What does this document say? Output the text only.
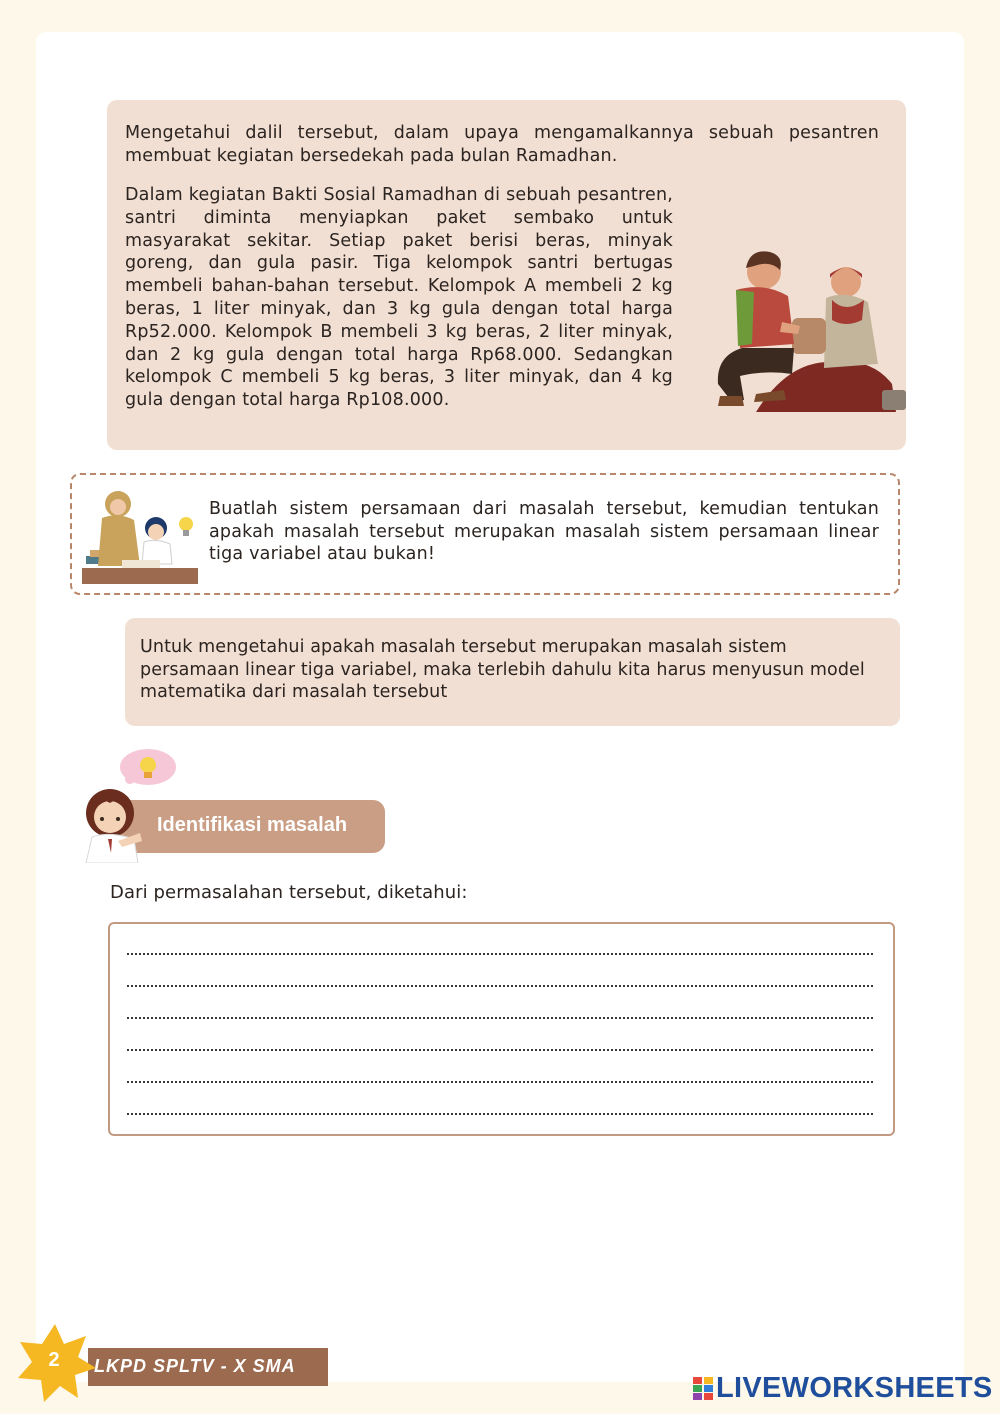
Mengetahui dalil tersebut, dalam upaya mengamalkannya sebuah pesantren membuat kegiatan bersedekah pada bulan Ramadhan.

Dalam kegiatan Bakti Sosial Ramadhan di sebuah pesantren, santri diminta menyiapkan paket sembako untuk masyarakat sekitar. Setiap paket berisi beras, minyak goreng, dan gula pasir. Tiga kelompok santri bertugas membeli bahan-bahan tersebut. Kelompok A membeli 2 kg beras, 1 liter minyak, dan 3 kg gula dengan total harga Rp52.000. Kelompok B membeli 3 kg beras, 2 liter minyak, dan 2 kg gula dengan total harga Rp68.000. Sedangkan kelompok C membeli 5 kg beras, 3 liter minyak, dan 4 kg gula dengan total harga Rp108.000.

Buatlah sistem persamaan dari masalah tersebut, kemudian tentukan apakah masalah tersebut merupakan masalah sistem persamaan linear tiga variabel atau bukan!

Untuk mengetahui apakah masalah tersebut merupakan masalah sistem persamaan linear tiga variabel, maka terlebih dahulu kita harus menyusun model matematika dari masalah tersebut

Identifikasi masalah

Dari permasalahan tersebut, diketahui:

LKPD SPLTV - X SMA
2
LIVEWORKSHEETS
